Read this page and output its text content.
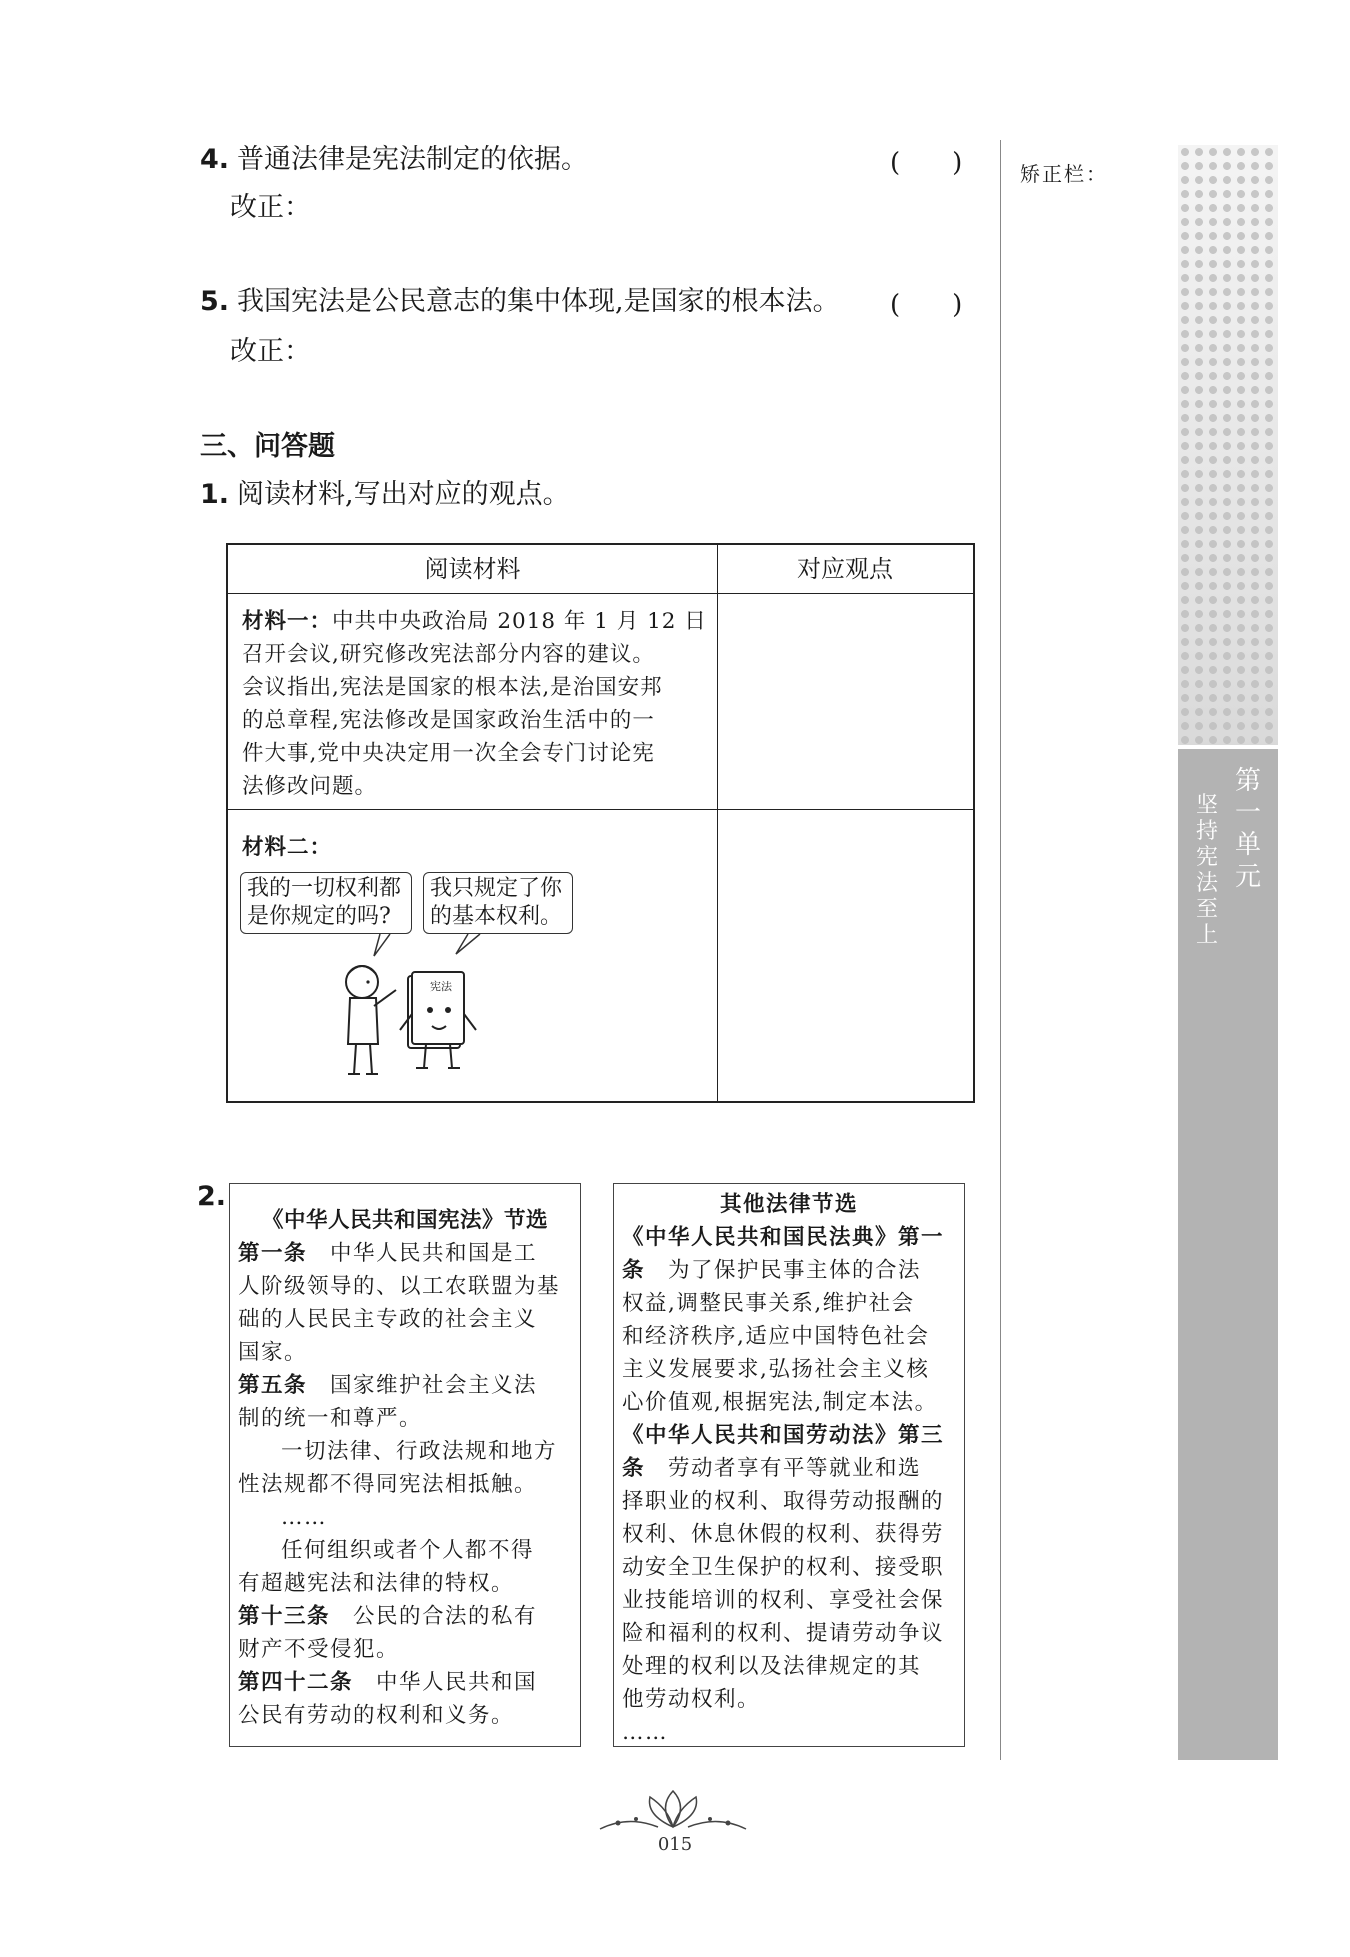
4. 普通法律是宪法制定的依据。	(　　)
改正：
5. 我国宪法是公民意志的集中体现,是国家的根本法。 (　　)
改正：
三、问答题
1. 阅读材料,写出对应的观点。
阅读材料	对应观点
材料一：中共中央政治局 2018 年 1 月 12 日
召开会议,研究修改宪法部分内容的建议。
会议指出,宪法是国家的根本法,是治国安邦
的总章程,宪法修改是国家政治生活中的一
件大事,党中央决定用一次全会专门讨论宪
法修改问题。
材料二：
我的一切权利都
是你规定的吗?
我只规定了你
的基本权利。
宪法
2.

《中华人民共和国宪法》节选

第一条　中华人民共和国是工

人阶级领导的、以工农联盟为基

础的人民民主专政的社会主义

国家。

第五条　国家维护社会主义法

制的统一和尊严。

一切法律、行政法规和地方

性法规都不得同宪法相抵触。

……

任何组织或者个人都不得

有超越宪法和法律的特权。

第十三条　公民的合法的私有

财产不受侵犯。

第四十二条　中华人民共和国

公民有劳动的权利和义务。

其他法律节选

《中华人民共和国民法典》第一

条　为了保护民事主体的合法

权益,调整民事关系,维护社会

和经济秩序,适应中国特色社会

主义发展要求,弘扬社会主义核

心价值观,根据宪法,制定本法。

《中华人民共和国劳动法》第三

条　劳动者享有平等就业和选

择职业的权利、取得劳动报酬的

权利、休息休假的权利、获得劳

动安全卫生保护的权利、接受职

业技能培训的权利、享受社会保

险和福利的权利、提请劳动争议

处理的权利以及法律规定的其

他劳动权利。

……

矫正栏：
第一单元
坚持宪法至上
015
